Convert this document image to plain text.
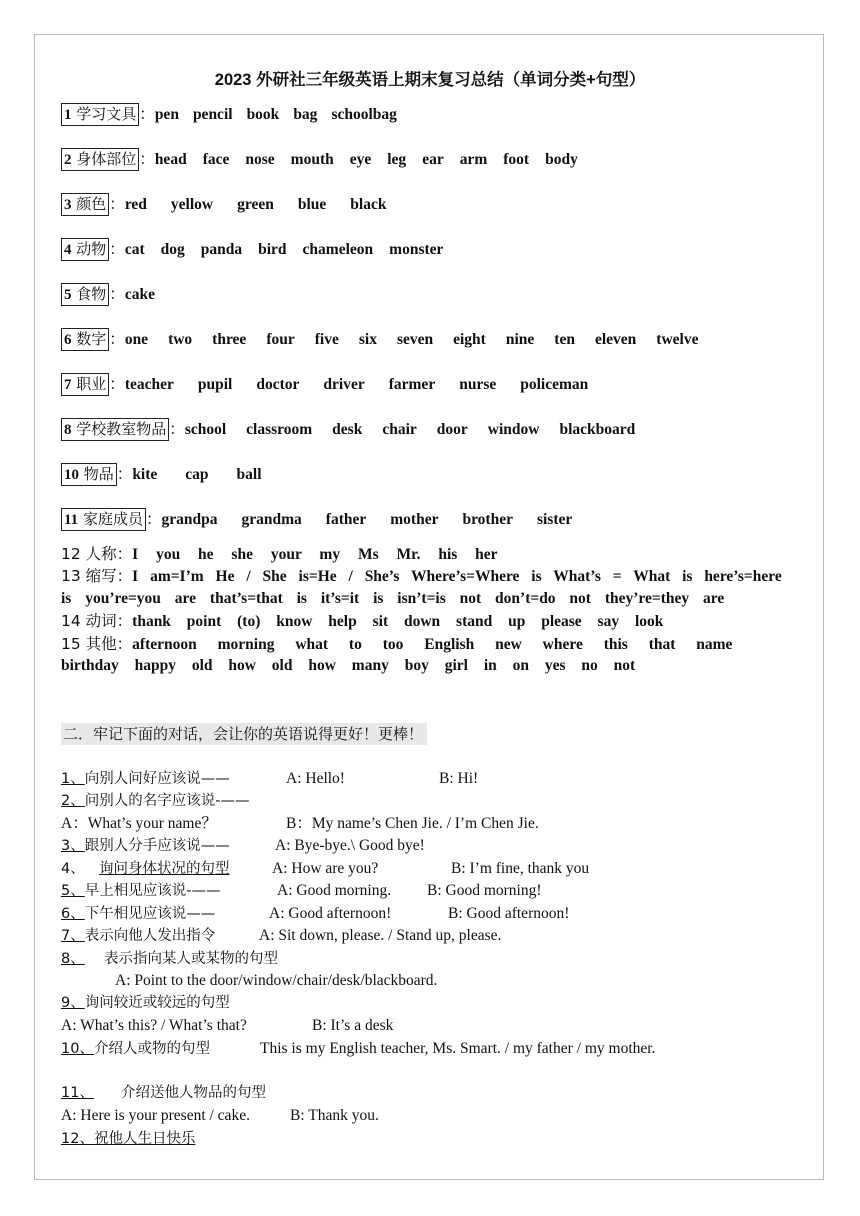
2023 外研社三年级英语上期末复习总结（单词分类+句型）
1 学习文具 ：pen pencil book bag schoolbag
2 身体部位 ：head face nose mouth eye leg ear arm foot body
3 颜色 ：red yellow green blue black
4 动物 ：cat dog panda bird chameleon monster
5 食物 ：cake
6 数字 ：one two three four five six seven eight nine ten eleven twelve
7 职业 ：teacher pupil doctor driver farmer nurse policeman
8 学校教室物品 ：school classroom desk chair door window blackboard
10 物品 ：kite cap ball
11 家庭成员 ：grandpa grandma father mother brother sister
12 人称：I you he she your my Ms Mr. his her
13 缩写：I am=I’m He / She is=He / She’s Where’s=Where is What’s = What is here’s=here
is you’re=you are that’s=that is it’s=it is isn’t=is not don’t=do not they’re=they are
14 动词：thank point (to) know help sit down stand up please say look
15 其他：afternoon morning what to too English new where this that name
birthday happy old how old how many boy girl in on yes no not
二．牢记下面的对话，会让你的英语说得更好！更棒！
1、向别人问好应该说——	A: Hello!	B: Hi!
2、问别人的名字应该说-——
A：What’s your name？	B：My name’s Chen Jie. / I’m Chen Jie.
3、跟别人分手应该说——	A: Bye-bye.\ Good bye!
4、 询问身体状况的句型	A: How are you?	B: I’m fine, thank you
5、早上相见应该说-——	A: Good morning. B: Good morning!
6、下午相见应该说——	A: Good afternoon!	B: Good afternoon!
7、表示向他人发出指令	A: Sit down, please. / Stand up, please.
8、 表示指向某人或某物的句型
A: Point to the door/window/chair/desk/blackboard.
9、询问较近或较远的句型
A: What’s this? / What’s that?	B: It’s a desk
10、介绍人或物的句型	This is my English teacher, Ms. Smart. / my father / my mother.
11、 介绍送他人物品的句型
A: Here is your present / cake.	B: Thank you.
12、祝他人生日快乐
